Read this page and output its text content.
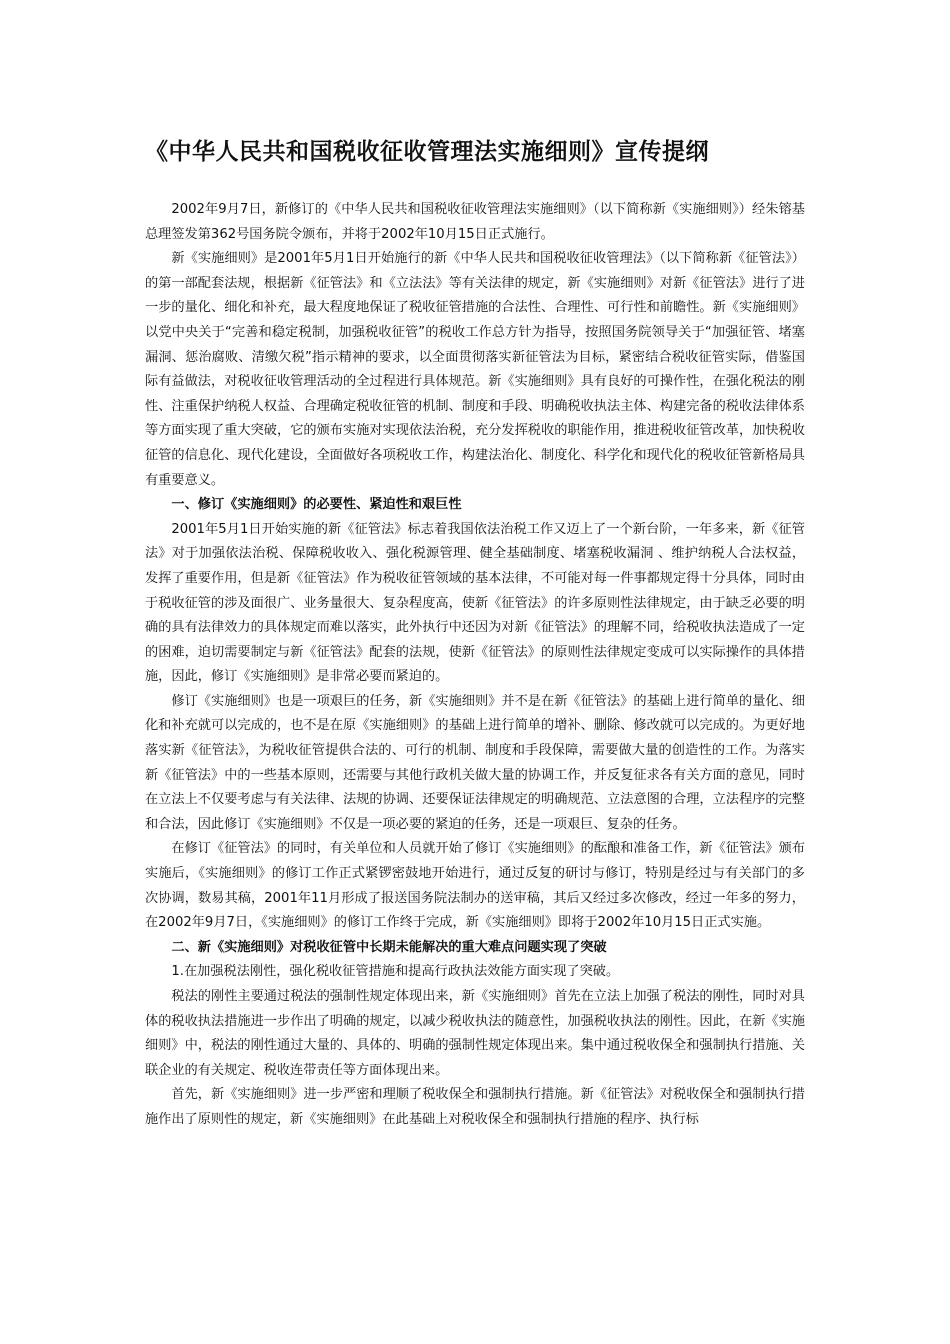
《中华人民共和国税收征收管理法实施细则》宣传提纲

2002年9月7日，新修订的《中华人民共和国税收征收管理法实施细则》（以下简称新《实施细则》）经朱镕基总理签发第362号国务院令颁布，并将于2002年10月15日正式施行。

新《实施细则》是2001年5月1日开始施行的新《中华人民共和国税收征收管理法》（以下简称新《征管法》）的第一部配套法规，根据新《征管法》和《立法法》等有关法律的规定，新《实施细则》对新《征管法》进行了进一步的量化、细化和补充，最大程度地保证了税收征管措施的合法性、合理性、可行性和前瞻性。新《实施细则》以党中央关于“完善和稳定税制，加强税收征管”的税收工作总方针为指导，按照国务院领导关于“加强征管、堵塞漏洞、惩治腐败、清缴欠税”指示精神的要求，以全面贯彻落实新征管法为目标，紧密结合税收征管实际，借鉴国际有益做法，对税收征收管理活动的全过程进行具体规范。新《实施细则》具有良好的可操作性，在强化税法的刚性、注重保护纳税人权益、合理确定税收征管的机制、制度和手段、明确税收执法主体、构建完备的税收法律体系等方面实现了重大突破，它的颁布实施对实现依法治税，充分发挥税收的职能作用，推进税收征管改革，加快税收征管的信息化、现代化建设，全面做好各项税收工作，构建法治化、制度化、科学化和现代化的税收征管新格局具有重要意义。

一、修订《实施细则》的必要性、紧迫性和艰巨性

2001年5月1日开始实施的新《征管法》标志着我国依法治税工作又迈上了一个新台阶，一年多来，新《征管法》对于加强依法治税、保障税收收入、强化税源管理、健全基础制度、堵塞税收漏洞 、维护纳税人合法权益，发挥了重要作用，但是新《征管法》作为税收征管领域的基本法律，不可能对每一件事都规定得十分具体，同时由于税收征管的涉及面很广、业务量很大、复杂程度高，使新《征管法》的许多原则性法律规定，由于缺乏必要的明确的具有法律效力的具体规定而难以落实，此外执行中还因为对新《征管法》的理解不同，给税收执法造成了一定的困难，迫切需要制定与新《征管法》配套的法规，使新《征管法》的原则性法律规定变成可以实际操作的具体措施，因此，修订《实施细则》是非常必要而紧迫的。

修订《实施细则》也是一项艰巨的任务，新《实施细则》并不是在新《征管法》的基础上进行简单的量化、细化和补充就可以完成的，也不是在原《实施细则》的基础上进行简单的增补、删除、修改就可以完成的。为更好地落实新《征管法》，为税收征管提供合法的、可行的机制、制度和手段保障，需要做大量的创造性的工作。为落实新《征管法》中的一些基本原则，还需要与其他行政机关做大量的协调工作，并反复征求各有关方面的意见，同时在立法上不仅要考虑与有关法律、法规的协调、还要保证法律规定的明确规范、立法意图的合理，立法程序的完整和合法，因此修订《实施细则》不仅是一项必要的紧迫的任务，还是一项艰巨、复杂的任务。

在修订《征管法》的同时，有关单位和人员就开始了修订《实施细则》的酝酿和准备工作，新《征管法》颁布实施后，《实施细则》的修订工作正式紧锣密鼓地开始进行，通过反复的研讨与修订，特别是经过与有关部门的多次协调，数易其稿，2001年11月形成了报送国务院法制办的送审稿，其后又经过多次修改，经过一年多的努力，在2002年9月7日，《实施细则》的修订工作终于完成，新《实施细则》即将于2002年10月15日正式实施。

二、新《实施细则》对税收征管中长期未能解决的重大难点问题实现了突破

1.在加强税法刚性，强化税收征管措施和提高行政执法效能方面实现了突破。

税法的刚性主要通过税法的强制性规定体现出来，新《实施细则》首先在立法上加强了税法的刚性，同时对具体的税收执法措施进一步作出了明确的规定，以减少税收执法的随意性，加强税收执法的刚性。因此，在新《实施细则》中，税法的刚性通过大量的、具体的、明确的强制性规定体现出来。集中通过税收保全和强制执行措施、关联企业的有关规定、税收连带责任等方面体现出来。

首先，新《实施细则》进一步严密和理顺了税收保全和强制执行措施。新《征管法》对税收保全和强制执行措施作出了原则性的规定，新《实施细则》在此基础上对税收保全和强制执行措施的程序、执行标
